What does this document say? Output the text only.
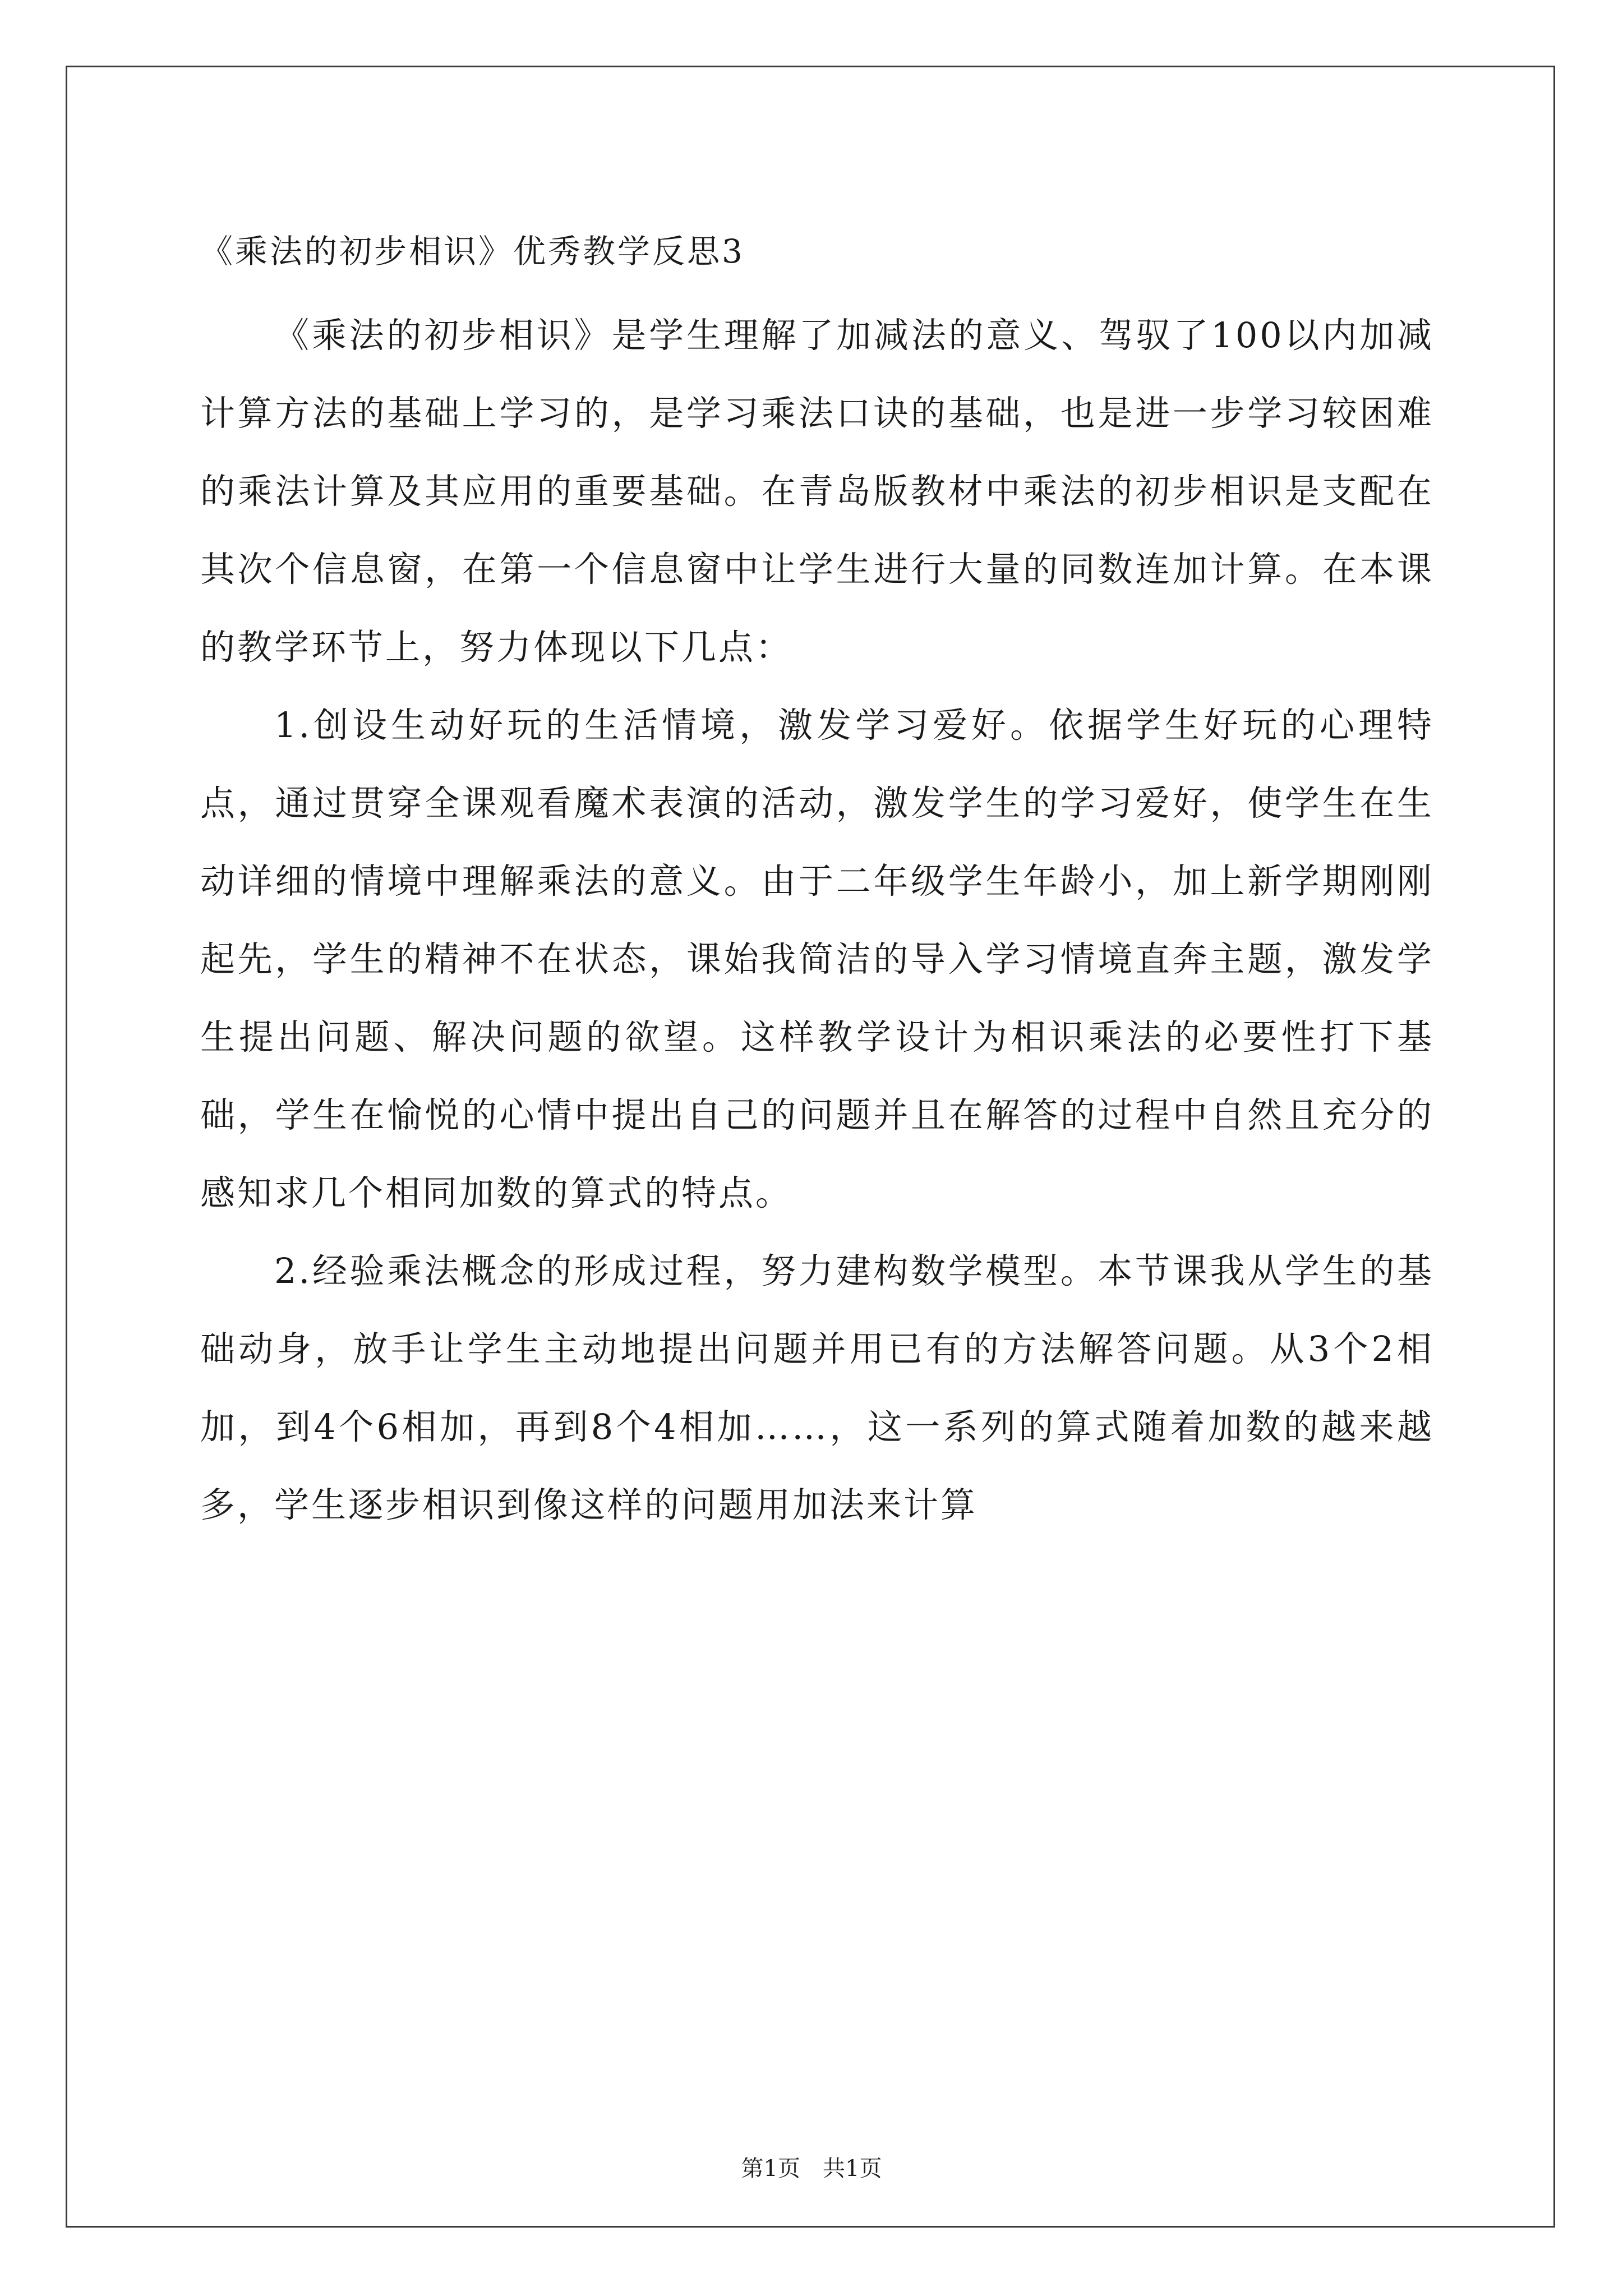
《乘法的初步相识》优秀教学反思3

《乘法的初步相识》是学生理解了加减法的意义、驾驭了100以内加减计算方法的基础上学习的，是学习乘法口诀的基础，也是进一步学习较困难的乘法计算及其应用的重要基础。在青岛版教材中乘法的初步相识是支配在其次个信息窗，在第一个信息窗中让学生进行大量的同数连加计算。在本课的教学环节上，努力体现以下几点：

1.创设生动好玩的生活情境，激发学习爱好。依据学生好玩的心理特点，通过贯穿全课观看魔术表演的活动，激发学生的学习爱好，使学生在生动详细的情境中理解乘法的意义。由于二年级学生年龄小，加上新学期刚刚起先，学生的精神不在状态，课始我简洁的导入学习情境直奔主题，激发学生提出问题、解决问题的欲望。这样教学设计为相识乘法的必要性打下基础，学生在愉悦的心情中提出自己的问题并且在解答的过程中自然且充分的感知求几个相同加数的算式的特点。

2.经验乘法概念的形成过程，努力建构数学模型。本节课我从学生的基础动身，放手让学生主动地提出问题并用已有的方法解答问题。从3个2相加，到4个6相加，再到8个4相加……，这一系列的算式随着加数的越来越多，学生逐步相识到像这样的问题用加法来计算

第1页 共1页
